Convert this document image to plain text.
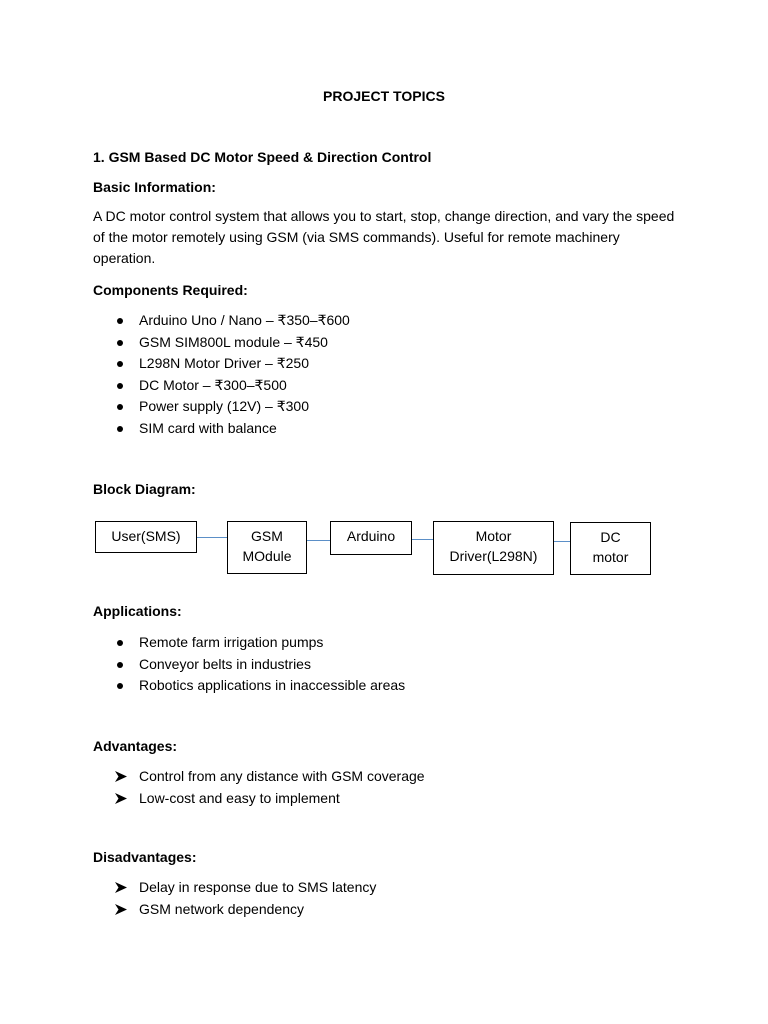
PROJECT TOPICS
1. GSM Based DC Motor Speed & Direction Control
Basic Information:
A DC motor control system that allows you to start, stop, change direction, and vary the speed of the motor remotely using GSM (via SMS commands). Useful for remote machinery operation.
Components Required:
Arduino Uno / Nano – ₹350–₹600
GSM SIM800L module – ₹450
L298N Motor Driver – ₹250
DC Motor – ₹300–₹500
Power supply (12V) – ₹300
SIM card with balance
Block Diagram:
User(SMS)	GSM
MOdule
Arduino	Motor
Driver(L298N)
DC
motor
Applications:
Remote farm irrigation pumps
Conveyor belts in industries
Robotics applications in inaccessible areas
Advantages:
Control from any distance with GSM coverage
Low-cost and easy to implement
Disadvantages:
Delay in response due to SMS latency
GSM network dependency
